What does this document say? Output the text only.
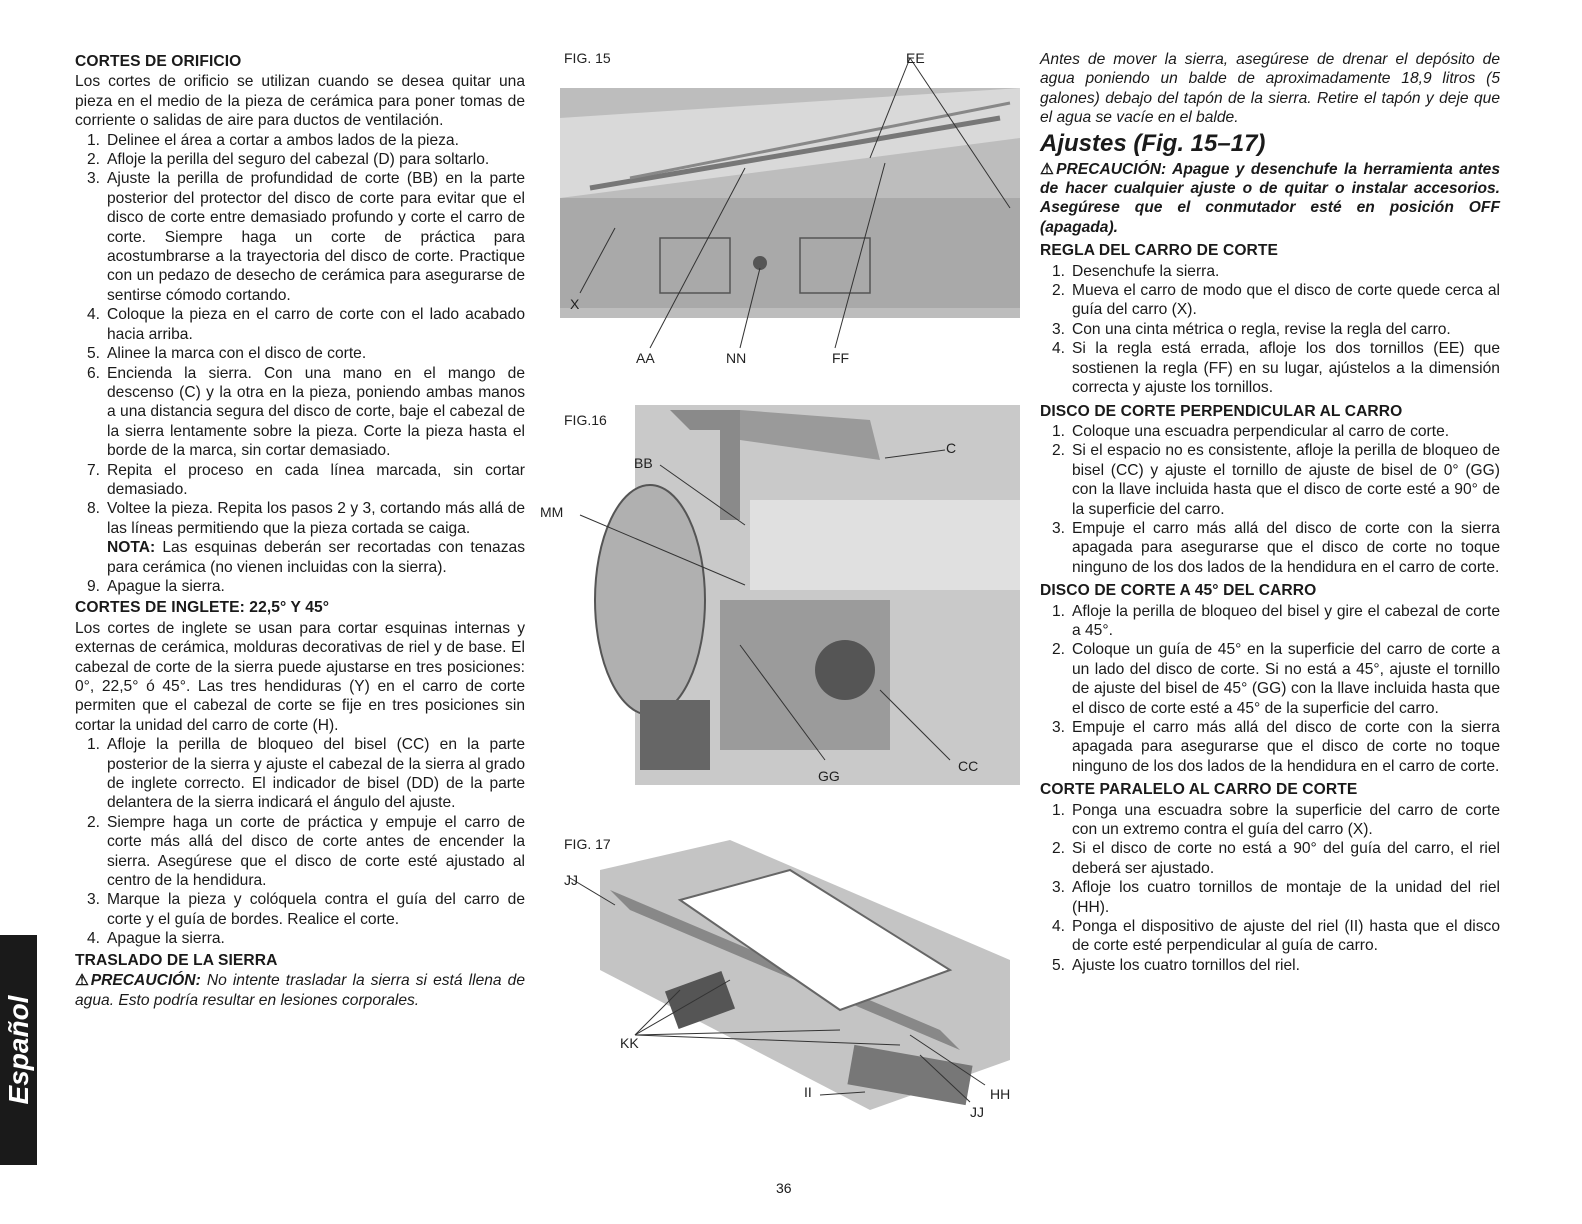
CORTES DE ORIFICIO

Los cortes de orificio se utilizan cuando se desea quitar una pieza en el medio de la pieza de cerámica para poner tomas de corriente o salidas de aire para ductos de ventilación.

1. Delinee el área a cortar a ambos lados de la pieza.
2. Afloje la perilla del seguro del cabezal (D) para soltarlo.
3. Ajuste la perilla de profundidad de corte (BB) en la parte posterior del protector del disco de corte para evitar que el disco de corte entre demasiado profundo y corte el carro de corte. Siempre haga un corte de práctica para acostumbrarse a la trayectoria del disco de corte. Practique con un pedazo de desecho de cerámica para asegurarse de sentirse cómodo cortando.
4. Coloque la pieza en el carro de corte con el lado acabado hacia arriba.
5. Alinee la marca con el disco de corte.
6. Encienda la sierra. Con una mano en el mango de descenso (C) y la otra en la pieza, poniendo ambas manos a una distancia segura del disco de corte, baje el cabezal de la sierra lentamente sobre la pieza. Corte la pieza hasta el borde de la marca, sin cortar demasiado.
7. Repita el proceso en cada línea marcada, sin cortar demasiado.
8. Voltee la pieza. Repita los pasos 2 y 3, cortando más allá de las líneas permitiendo que la pieza cortada se caiga.
NOTA: Las esquinas deberán ser recortadas con tenazas para cerámica (no vienen incluidas con la sierra).
9. Apague la sierra.
CORTES DE INGLETE: 22,5° Y 45°

Los cortes de inglete se usan para cortar esquinas internas y externas de cerámica, molduras decorativas de riel y de base. El cabezal de corte de la sierra puede ajustarse en tres posiciones: 0°, 22,5° ó 45°. Las tres hendiduras (Y) en el carro de corte permiten que el cabezal de corte se fije en tres posiciones sin cortar la unidad del carro de corte (H).

1. Afloje la perilla de bloqueo del bisel (CC) en la parte posterior de la sierra y ajuste el cabezal de la sierra al grado de inglete correcto. El indicador de bisel (DD) de la parte delantera de la sierra indicará el ángulo del ajuste.
2. Siempre haga un corte de práctica y empuje el carro de corte más allá del disco de corte antes de encender la sierra. Asegúrese que el disco de corte esté ajustado al centro de la hendidura.
3. Marque la pieza y colóquela contra el guía del carro de corte y el guía de bordes. Realice el corte.
4. Apague la sierra.
TRASLADO DE LA SIERRA

⚠PRECAUCIÓN: No intente trasladar la sierra si está llena de agua. Esto podría resultar en lesiones corporales.

FIG. 15	EE
X
AA	NN	FF
FIG.16
BB
C
MM
GG
CC
FIG. 17
JJ
KK
II	HH
JJ

Antes de mover la sierra, asegúrese de drenar el depósito de agua poniendo un balde de aproximadamente 18,9 litros (5 galones) debajo del tapón de la sierra. Retire el tapón y deje que el agua se vacíe en el balde.

Ajustes (Fig. 15–17)

⚠PRECAUCIÓN: Apague y desenchufe la herramienta antes de hacer cualquier ajuste o de quitar o instalar accesorios. Asegúrese que el conmutador esté en posición OFF (apagada).

REGLA DEL CARRO DE CORTE
1. Desenchufe la sierra.
2. Mueva el carro de modo que el disco de corte quede cerca al guía del carro (X).
3. Con una cinta métrica o regla, revise la regla del carro.
4. Si la regla está errada, afloje los dos tornillos (EE) que sostienen la regla (FF) en su lugar, ajústelos a la dimensión correcta y ajuste los tornillos.
DISCO DE CORTE PERPENDICULAR AL CARRO
1. Coloque una escuadra perpendicular al carro de corte.
2. Si el espacio no es consistente, afloje la perilla de bloqueo de bisel (CC) y ajuste el tornillo de ajuste de bisel de 0° (GG) con la llave incluida hasta que el disco de corte esté a 90° de la superficie del carro.
3. Empuje el carro más allá del disco de corte con la sierra apagada para asegurarse que el disco de corte no toque ninguno de los dos lados de la hendidura en el carro de corte.
DISCO DE CORTE A 45° DEL CARRO
1. Afloje la perilla de bloqueo del bisel y gire el cabezal de corte a 45°.
2. Coloque un guía de 45° en la superficie del carro de corte a un lado del disco de corte. Si no está a 45°, ajuste el tornillo de ajuste del bisel de 45° (GG) con la llave incluida hasta que el disco de corte esté a 45° de la superficie del carro.
3. Empuje el carro más allá del disco de corte con la sierra apagada para asegurarse que el disco de corte no toque ninguno de los dos lados de la hendidura en el carro de corte.
CORTE PARALELO AL CARRO DE CORTE
1. Ponga una escuadra sobre la superficie del carro de corte con un extremo contra el guía del carro (X).
2. Si el disco de corte no está a 90° del guía del carro, el riel deberá ser ajustado.
3. Afloje los cuatro tornillos de montaje de la unidad del riel (HH).
4. Ponga el dispositivo de ajuste del riel (II) hasta que el disco de corte esté perpendicular al guía de carro.
5. Ajuste los cuatro tornillos del riel.
Español
36
